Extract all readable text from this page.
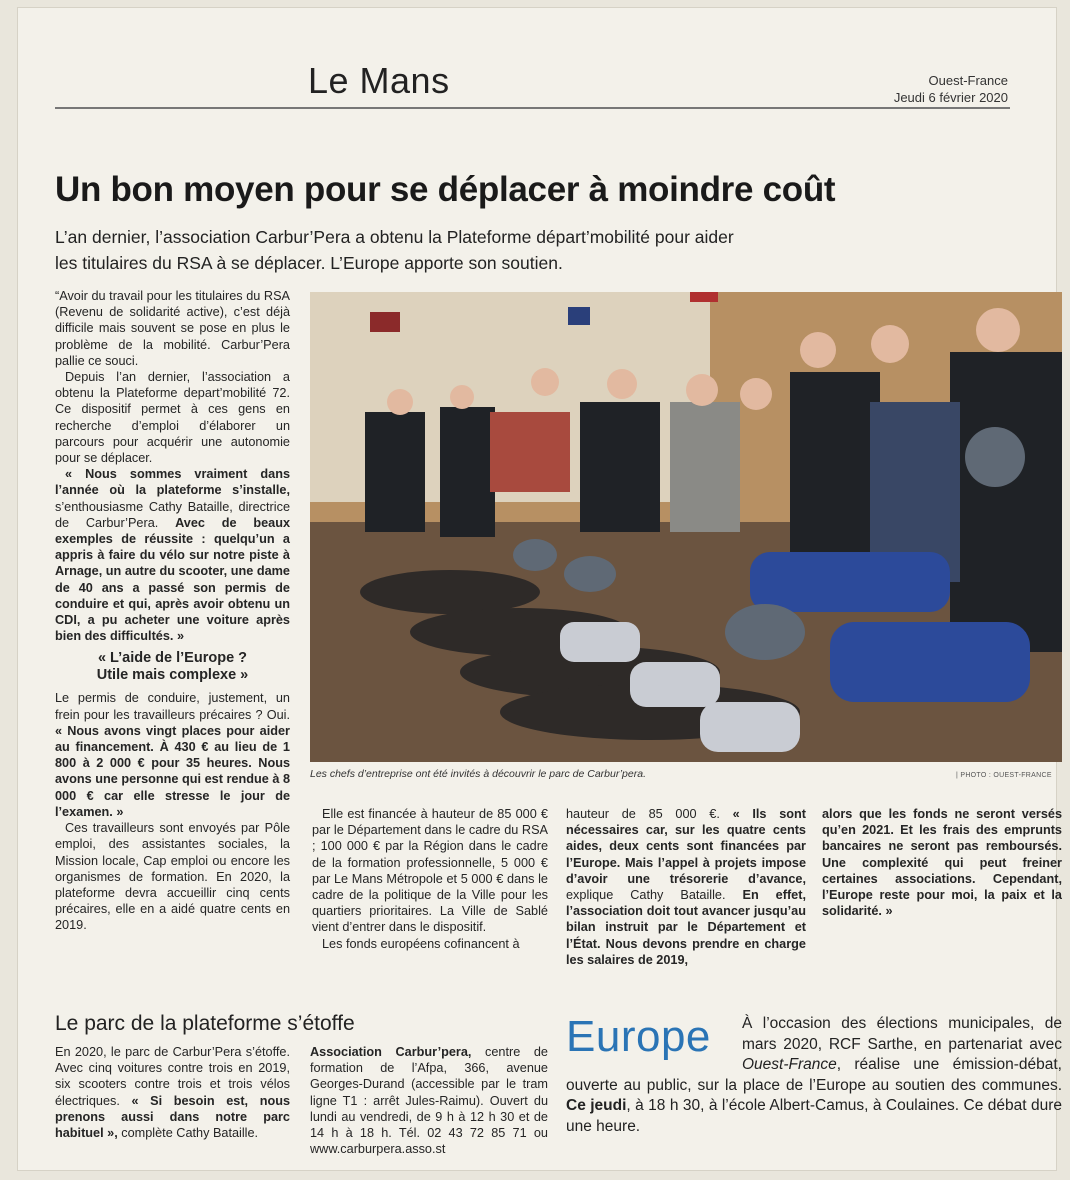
Le Mans	Ouest-France
Jeudi 6 février 2020
Un bon moyen pour se déplacer à moindre coût
L’an dernier, l’association Carbur’Pera a obtenu la Plateforme départ’mobilité pour aider
les titulaires du RSA à se déplacer. L’Europe apporte son soutien.

“Avoir du travail pour les titulaires du RSA (Revenu de solidarité active), c’est déjà difficile mais souvent se pose en plus le problème de la mobilité. Carbur’Pera pallie ce souci.

Depuis l’an dernier, l’association a obtenu la Plateforme depart’mobilité 72. Ce dispositif permet à ces gens en recherche d’emploi d’élaborer un parcours pour acquérir une autonomie pour se déplacer.

« Nous sommes vraiment dans l’année où la plateforme s’installe, s’enthousiasme Cathy Bataille, directrice de Carbur’Pera. Avec de beaux exemples de réussite : quelqu’un a appris à faire du vélo sur notre piste à Arnage, un autre du scooter, une dame de 40 ans a passé son permis de conduire et qui, après avoir obtenu un CDI, a pu acheter une voiture après bien des difficultés. »

« L’aide de l’Europe ?
Utile mais complexe »

Le permis de conduire, justement, un frein pour les travailleurs précaires ? Oui. « Nous avons vingt places pour aider au financement. À 430 € au lieu de 1 800 à 2 000 € pour 35 heures. Nous avons une personne qui est rendue à 8 000 € car elle stresse le jour de l’examen. »

Ces travailleurs sont envoyés par Pôle emploi, des assistantes sociales, la Mission locale, Cap emploi ou encore les organismes de formation. En 2020, la plateforme devra accueillir cinq cents précaires, elle en a aidé quatre cents en 2019.

Les chefs d’entreprise ont été invités à découvrir le parc de Carbur’pera.	| PHOTO : OUEST-FRANCE

Elle est financée à hauteur de 85 000 € par le Département dans le cadre du RSA ; 100 000 € par la Région dans le cadre de la formation professionnelle, 5 000 € par Le Mans Métropole et 5 000 € dans le cadre de la politique de la Ville pour les quartiers prioritaires. La Ville de Sablé vient d’entrer dans le dispositif.

Les fonds européens cofinancent à

hauteur de 85 000 €. « Ils sont nécessaires car, sur les quatre cents aides, deux cents sont financées par l’Europe. Mais l’appel à projets impose d’avoir une trésorerie d’avance, explique Cathy Bataille. En effet, l’association doit tout avancer jusqu’au bilan instruit par le Département et l’État. Nous devons prendre en charge les salaires de 2019,

alors que les fonds ne seront versés qu’en 2021. Et les frais des emprunts bancaires ne seront pas remboursés. Une complexité qui peut freiner certaines associations. Cependant, l’Europe reste pour moi, la paix et la solidarité. »

Le parc de la plateforme s’étoffe

En 2020, le parc de Carbur’Pera s’étoffe. Avec cinq voitures contre trois en 2019, six scooters contre trois et trois vélos électriques. « Si besoin est, nous prenons aussi dans notre parc habituel », complète Cathy Bataille.

Association Carbur’pera, centre de formation de l’Afpa, 366, avenue Georges-Durand (accessible par le tram ligne T1 : arrêt Jules-Raimu). Ouvert du lundi au vendredi, de 9 h à 12 h 30 et de 14 h à 18 h. Tél. 02 43 72 85 71 ou www.carburpera.asso.st

À l’occasion des élections municipales, de mars 2020, RCF Sarthe, en partenariat avec Ouest-France, réalise une émission-débat, ouverte au public, sur la place de l’Europe au soutien des communes. Ce jeudi, à 18 h 30, à l’école Albert-Camus, à Coulaines. Ce débat dure une heure.
Europe
